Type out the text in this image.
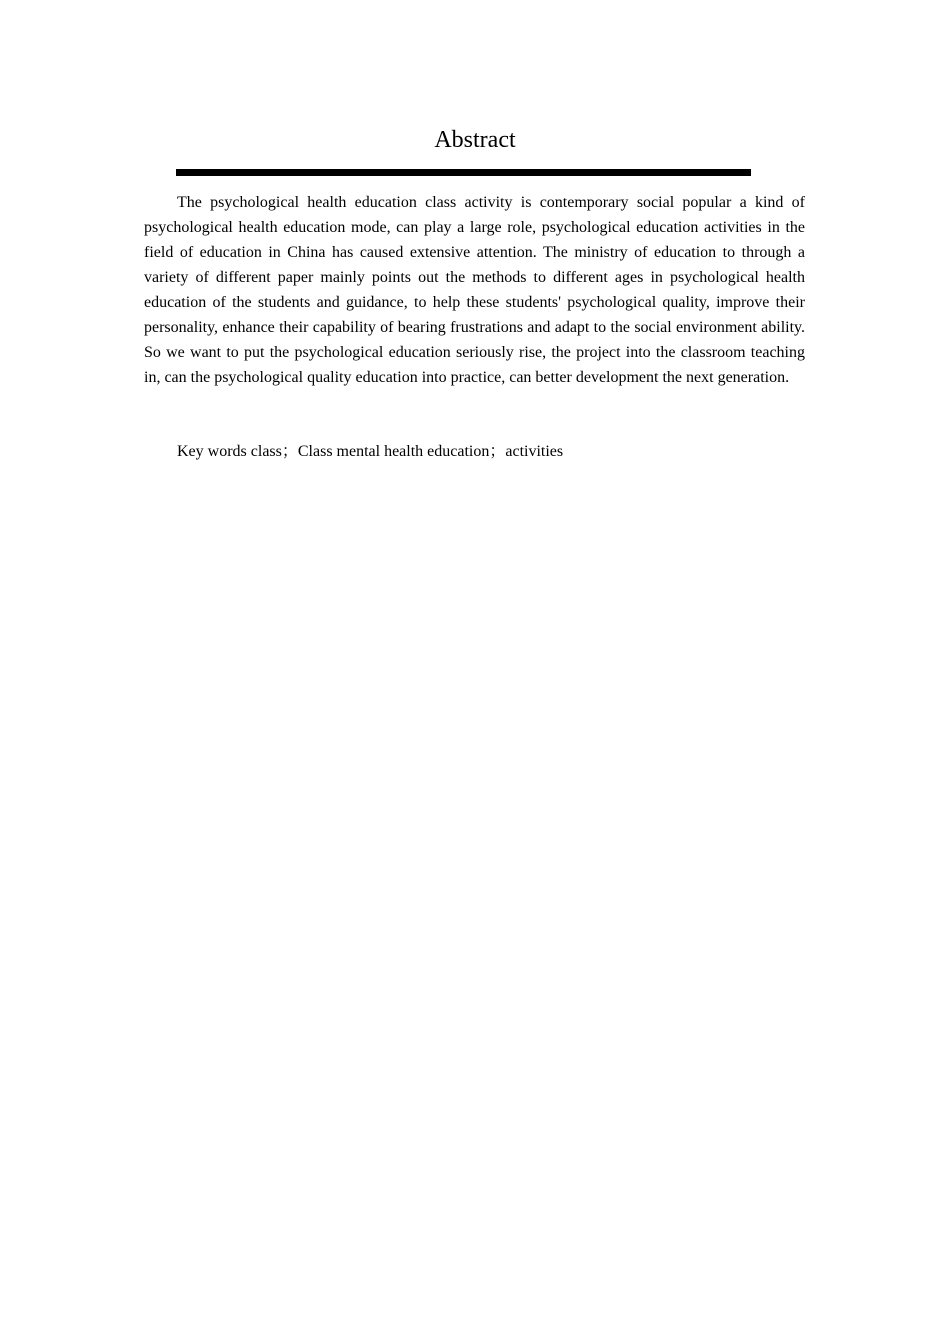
Abstract

The psychological health education class activity is contemporary social popular a kind of psychological health education mode, can play a large role, psychological education activities in the field of education in China has caused extensive attention. The ministry of education to through a variety of different paper mainly points out the methods to different ages in psychological health education of the students and guidance, to help these students' psychological quality, improve their personality, enhance their capability of bearing frustrations and adapt to the social environment ability. So we want to put the psychological education seriously rise, the project into the classroom teaching in, can the psychological quality education into practice, can better development the next generation.

Key words class；Class mental health education；activities
